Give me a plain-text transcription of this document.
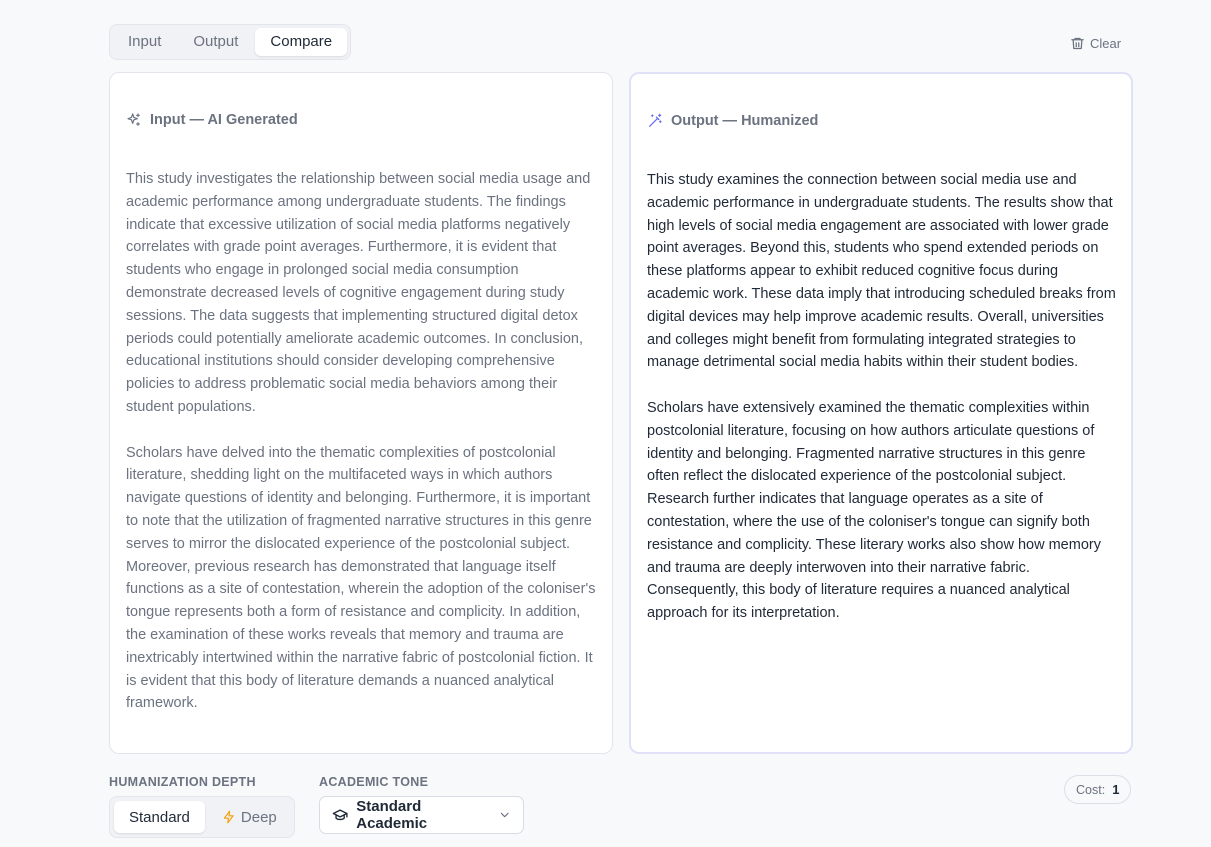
Input	Output	Compare	Clear
Input — AI Generated

This study investigates the relationship between social media usage and academic performance among undergraduate students. The findings indicate that excessive utilization of social media platforms negatively correlates with grade point averages. Furthermore, it is evident that students who engage in prolonged social media consumption demonstrate decreased levels of cognitive engagement during study sessions. The data suggests that implementing structured digital detox periods could potentially ameliorate academic outcomes. In conclusion, educational institutions should consider developing comprehensive policies to address problematic social media behaviors among their student populations.

Scholars have delved into the thematic complexities of postcolonial literature, shedding light on the multifaceted ways in which authors navigate questions of identity and belonging. Furthermore, it is important to note that the utilization of fragmented narrative structures in this genre serves to mirror the dislocated experience of the postcolonial subject. Moreover, previous research has demonstrated that language itself functions as a site of contestation, wherein the adoption of the coloniser's tongue represents both a form of resistance and complicity. In addition, the examination of these works reveals that memory and trauma are inextricably intertwined within the narrative fabric of postcolonial fiction. It is evident that this body of literature demands a nuanced analytical framework.

Output — Humanized

This study examines the connection between social media use and academic performance in undergraduate students. The results show that high levels of social media engagement are associated with lower grade point averages. Beyond this, students who spend extended periods on these platforms appear to exhibit reduced cognitive focus during academic work. These data imply that introducing scheduled breaks from digital devices may help improve academic results. Overall, universities and colleges might benefit from formulating integrated strategies to manage detrimental social media habits within their student bodies.

Scholars have extensively examined the thematic complexities within postcolonial literature, focusing on how authors articulate questions of identity and belonging. Fragmented narrative structures in this genre often reflect the dislocated experience of the postcolonial subject. Research further indicates that language operates as a site of contestation, where the use of the coloniser's tongue can signify both resistance and complicity. These literary works also show how memory and trauma are deeply interwoven into their narrative fabric. Consequently, this body of literature requires a nuanced analytical approach for its interpretation.

HUMANIZATION DEPTH	ACADEMIC TONE
Standard	Deep
Standard Academic
Cost: 1
